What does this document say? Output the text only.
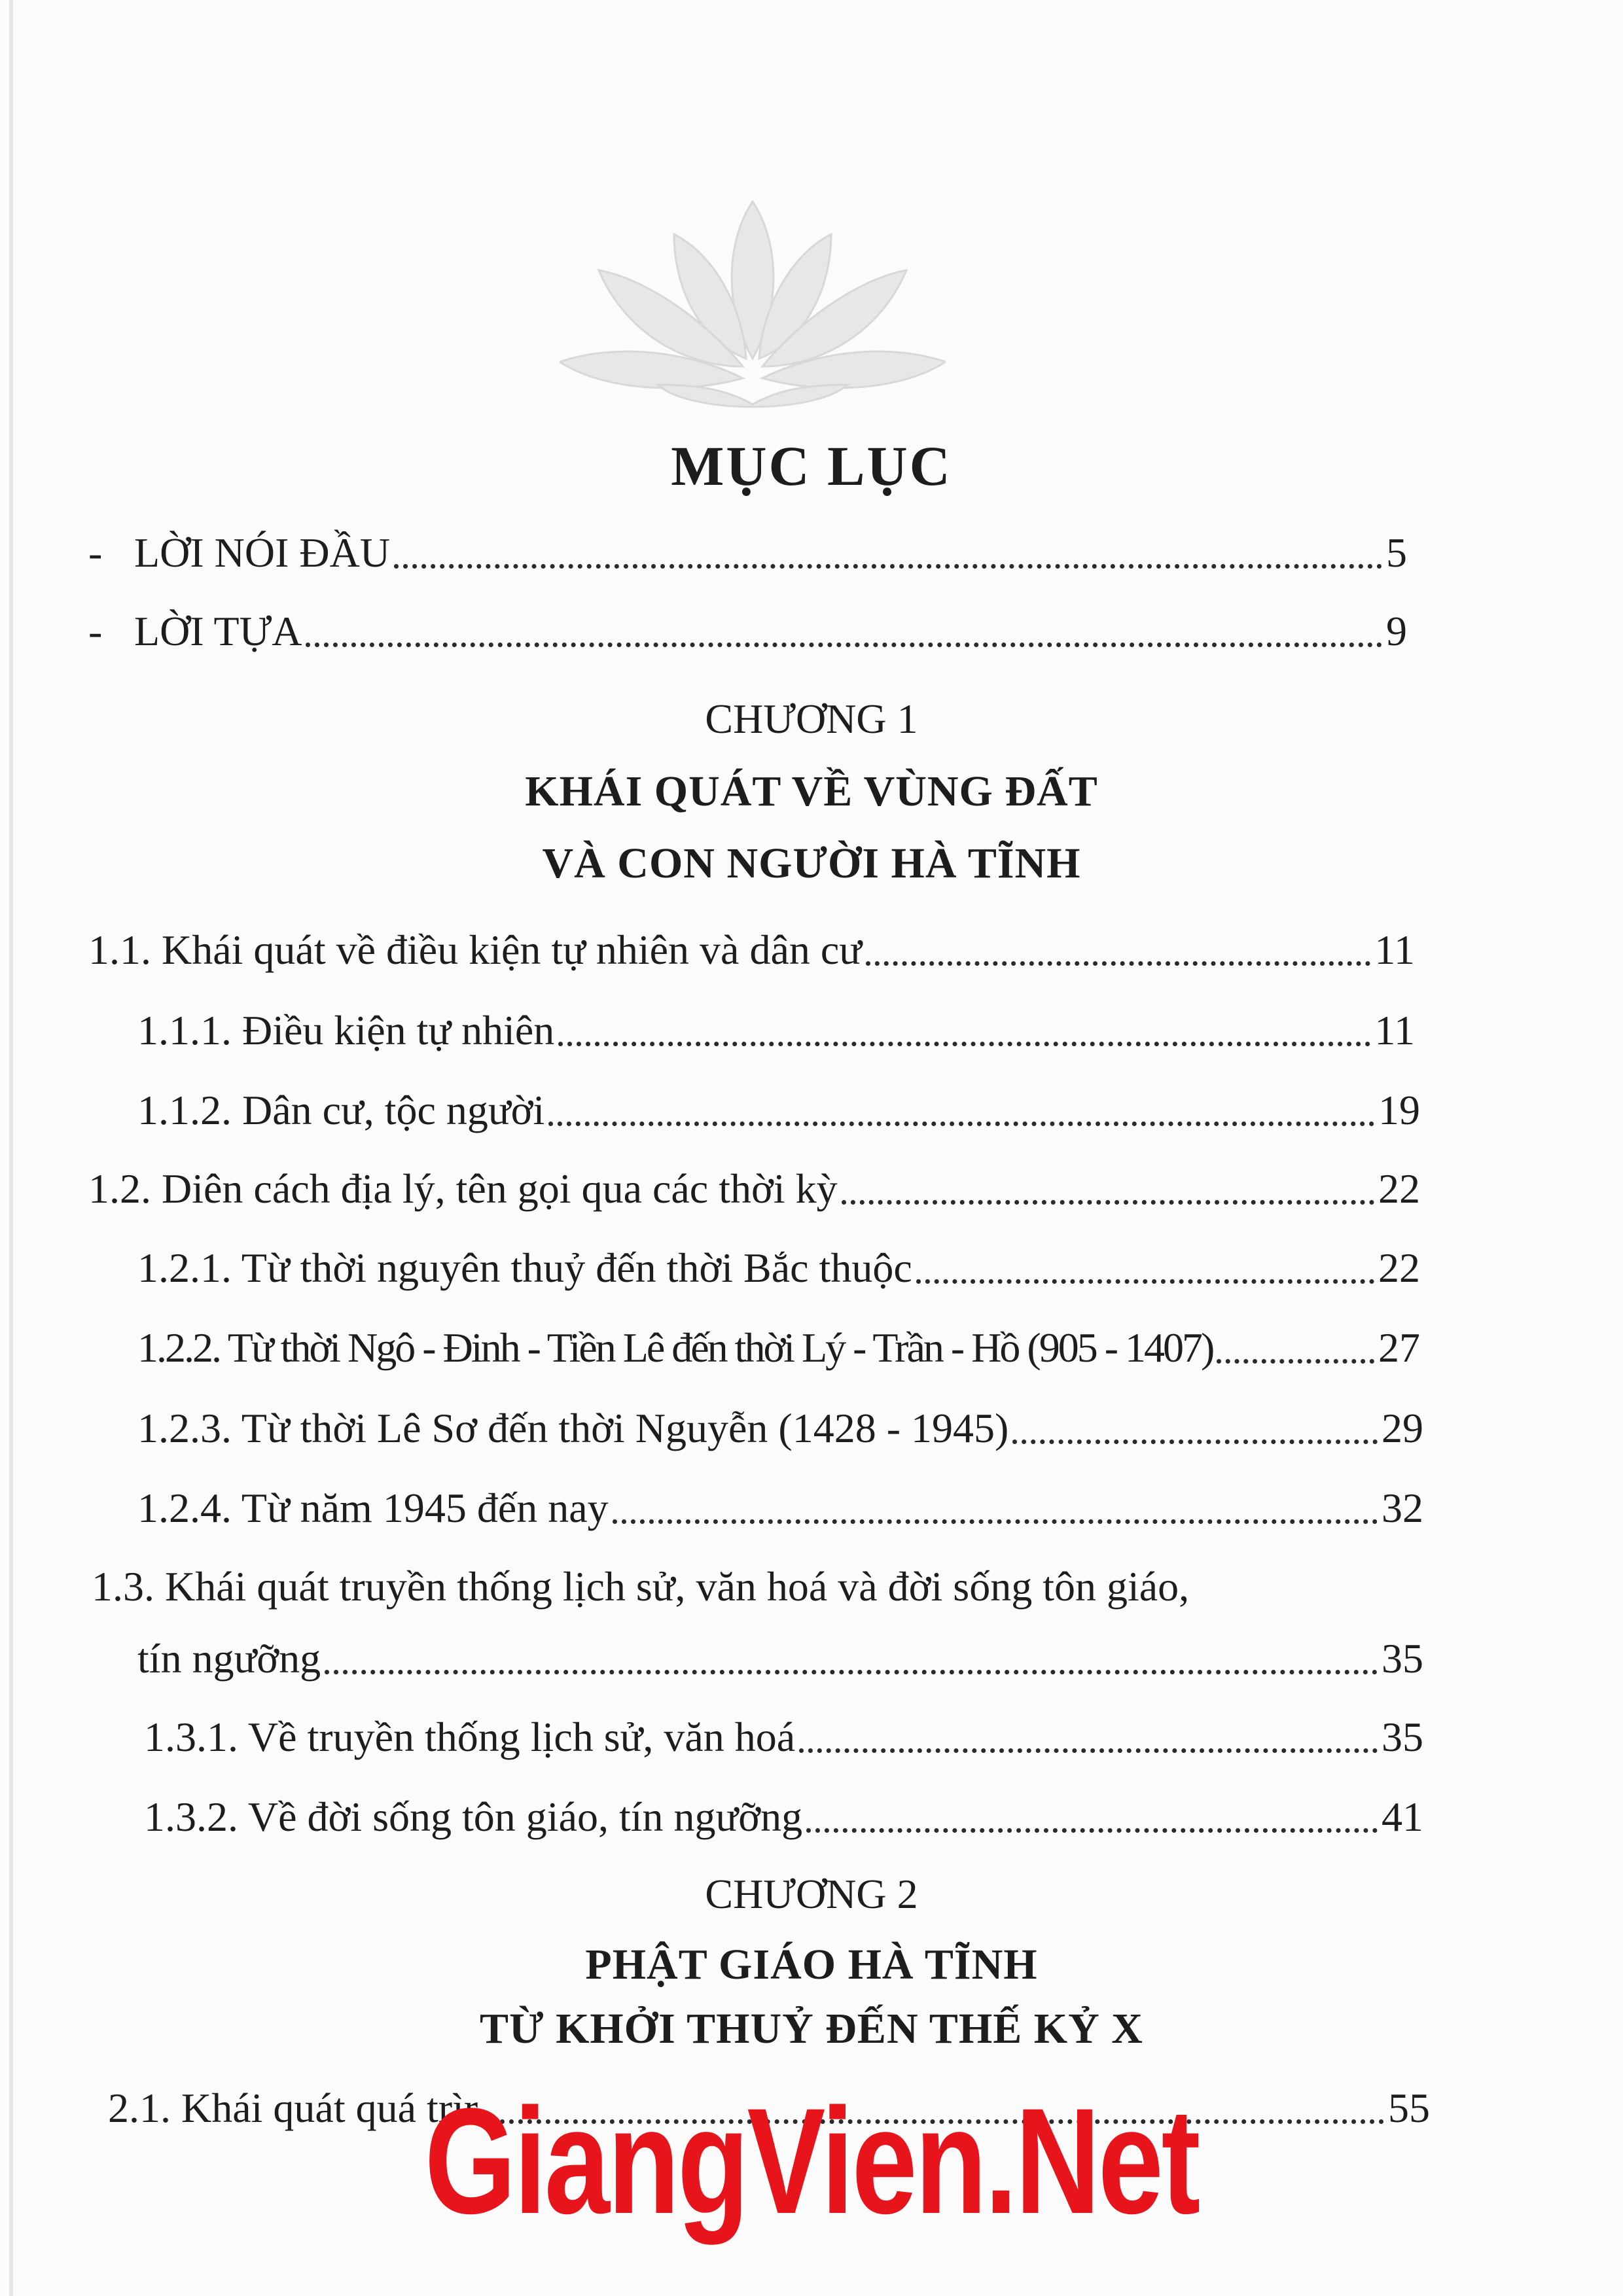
MỤC LỤC
- LỜI NÓI ĐẦU	5
- LỜI TỰA	9
CHƯƠNG 1
KHÁI QUÁT VỀ VÙNG ĐẤT
VÀ CON NGƯỜI HÀ TĨNH
1.1. Khái quát về điều kiện tự nhiên và dân cư	11
1.1.1. Điều kiện tự nhiên	11
1.1.2. Dân cư, tộc người	19
1.2. Diên cách địa lý, tên gọi qua các thời kỳ	22
1.2.1. Từ thời nguyên thuỷ đến thời Bắc thuộc	22
1.2.2. Từ thời Ngô - Đinh - Tiền Lê đến thời Lý - Trần - Hồ (905 - 1407)	27
1.2.3. Từ thời Lê Sơ đến thời Nguyễn (1428 - 1945)	29
1.2.4. Từ năm 1945 đến nay	32
1.3. Khái quát truyền thống lịch sử, văn hoá và đời sống tôn giáo,
tín ngưỡng	35
1.3.1. Về truyền thống lịch sử, văn hoá	35
1.3.2. Về đời sống tôn giáo, tín ngưỡng	41
CHƯƠNG 2
PHẬT GIÁO HÀ TĨNH
TỪ KHỞI THUỶ ĐẾN THẾ KỶ X
2.1. Khái quát quá trìr	55
GiangVien.Net
